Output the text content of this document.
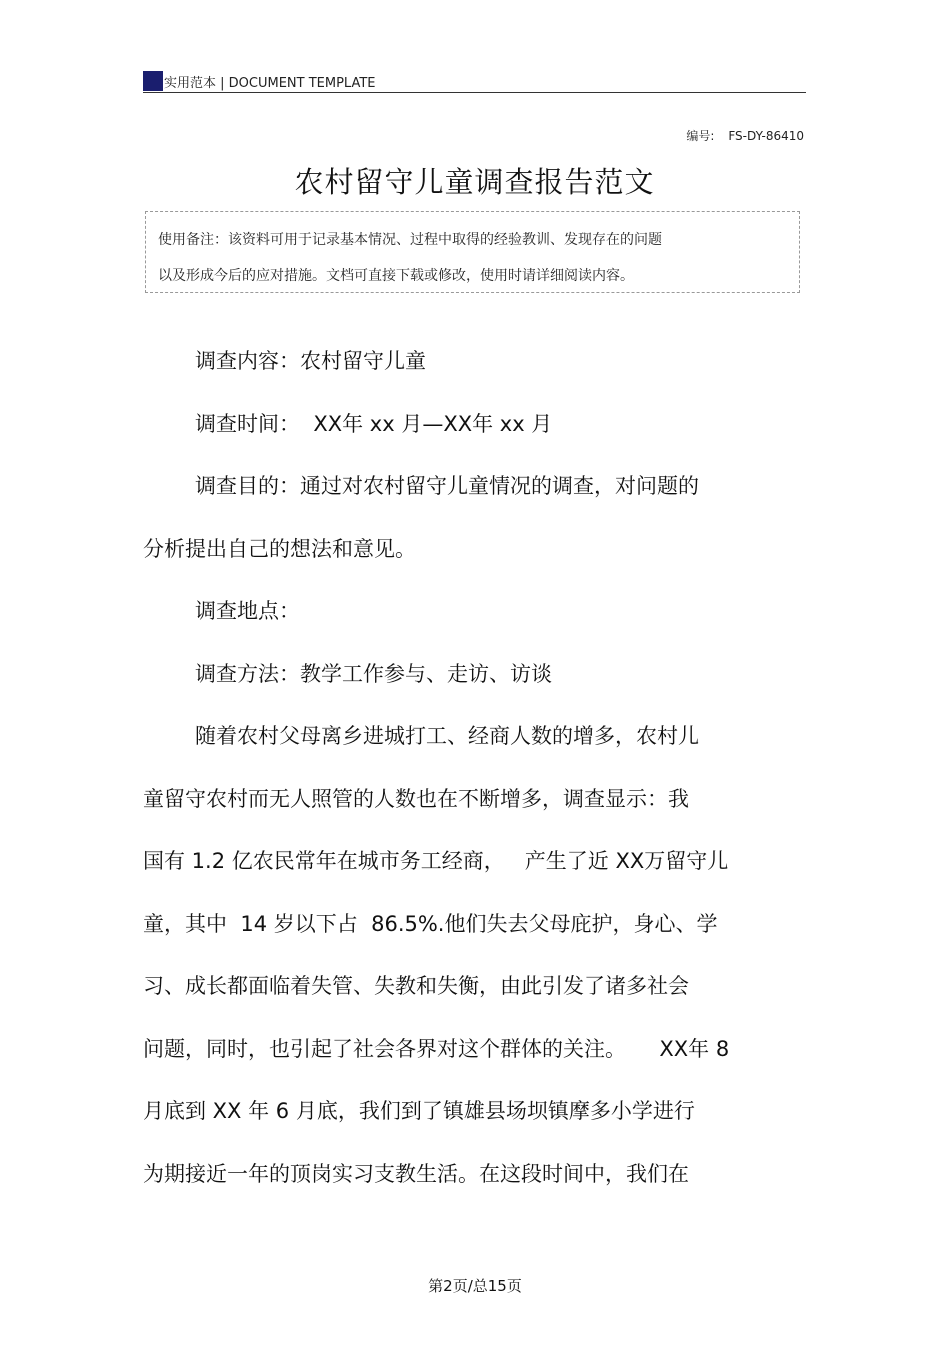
实用范本 | DOCUMENT TEMPLATE
编号: FS-DY-86410
农村留守儿童调查报告范文

使用备注：该资料可用于记录基本情况、过程中取得的经验教训、发现存在的问题

以及形成今后的应对措施。文档可直接下载或修改，使用时请详细阅读内容。

调查内容：农村留守儿童
调查时间：  XX年 xx 月—XX年 xx 月
调查目的：通过对农村留守儿童情况的调查，对问题的
分析提出自己的想法和意见。
调查地点：
调查方法：教学工作参与、走访、访谈
随着农村父母离乡进城打工、经商人数的增多，农村儿
童留守农村而无人照管的人数也在不断增多，调查显示：我
国有 1.2 亿农民常年在城市务工经商，   产生了近 XX万留守儿
童，其中  14 岁以下占  86.5%.他们失去父母庇护，身心、学
习、成长都面临着失管、失教和失衡，由此引发了诸多社会
问题，同时，也引起了社会各界对这个群体的关注。     XX年 8
月底到 XX 年 6 月底，我们到了镇雄县场坝镇摩多小学进行
为期接近一年的顶岗实习支教生活。在这段时间中，我们在
第2页/总15页
